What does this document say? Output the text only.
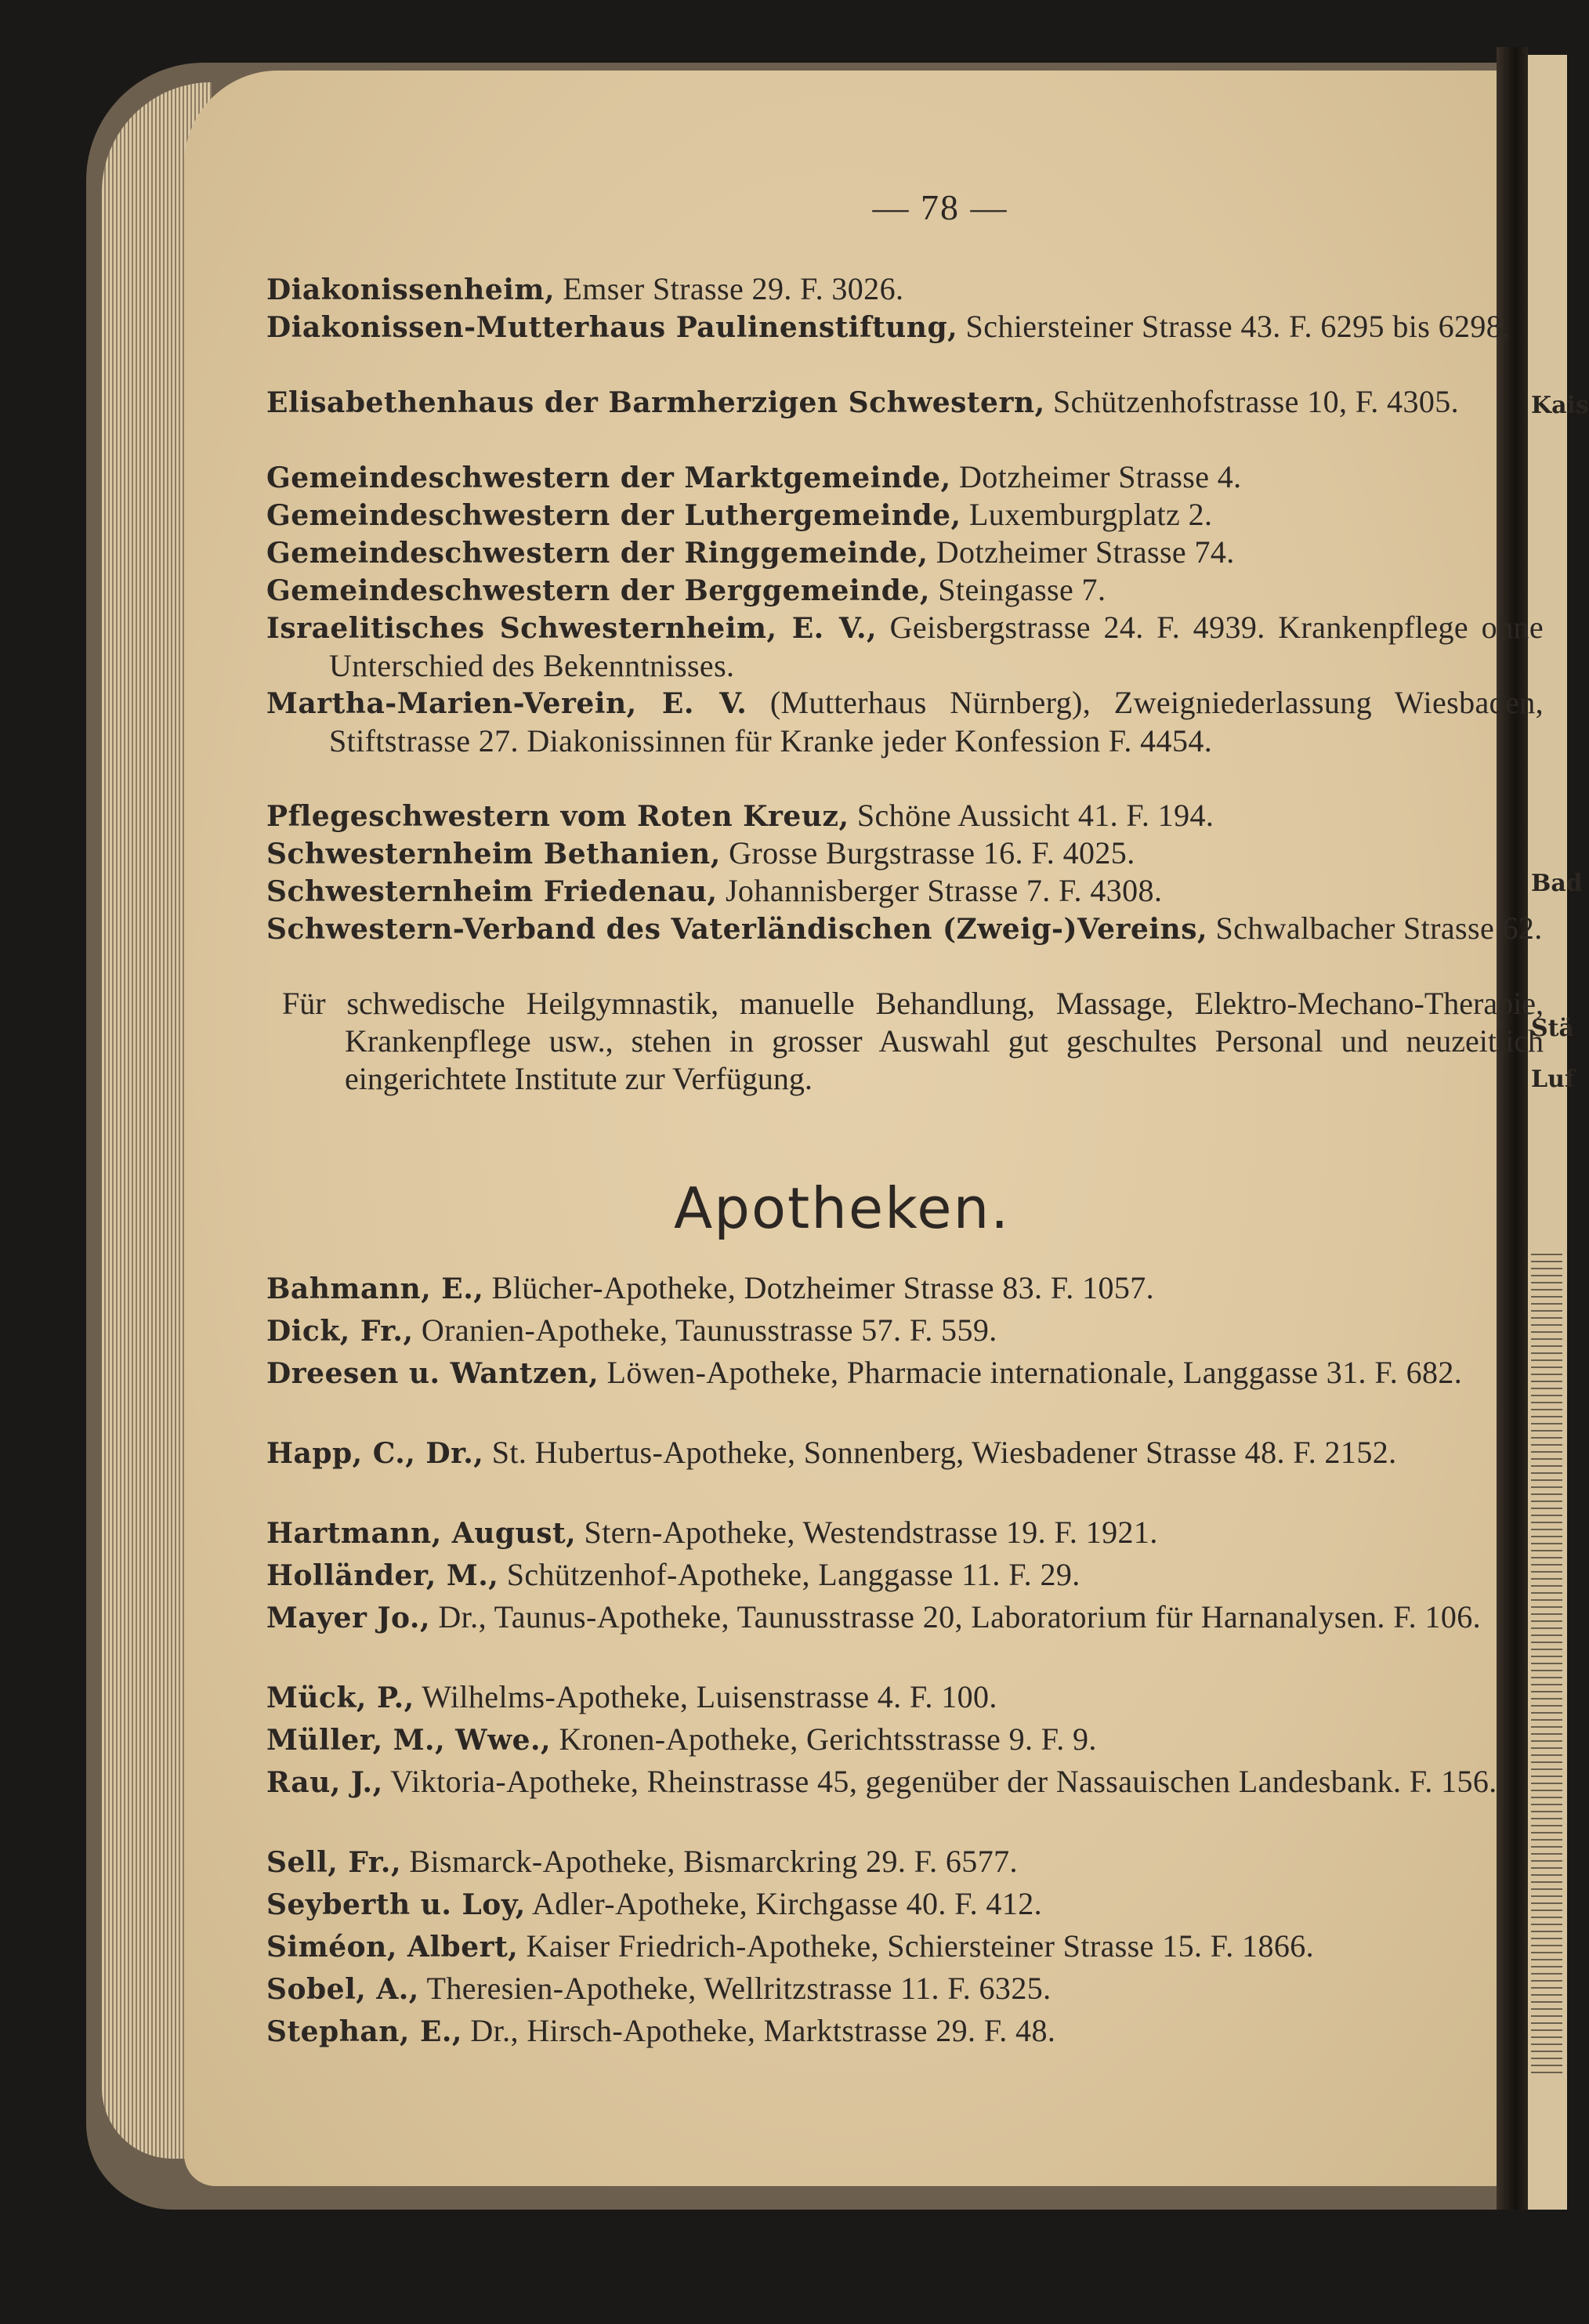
Kais
Bad
Stä
Luf
— 78 —
Diakonissenheim, Emser Strasse 29. F. 3026.
Diakonissen-Mutterhaus Paulinenstiftung, Schiersteiner Strasse 43. F. 6295 bis 6298.
Elisabethenhaus der Barmherzigen Schwestern, Schützenhofstrasse 10, F. 4305.
Gemeindeschwestern der Marktgemeinde, Dotzheimer Strasse 4.
Gemeindeschwestern der Luthergemeinde, Luxemburgplatz 2.
Gemeindeschwestern der Ringgemeinde, Dotzheimer Strasse 74.
Gemeindeschwestern der Berggemeinde, Steingasse 7.
Israelitisches Schwesternheim, E. V., Geisbergstrasse 24. F. 4939. Krankenpflege ohne Unterschied des Bekenntnisses.
Martha-Marien-Verein, E. V. (Mutterhaus Nürnberg), Zweigniederlassung Wiesbaden, Stiftstrasse 27. Diakonissinnen für Kranke jeder Konfession F. 4454.
Pflegeschwestern vom Roten Kreuz, Schöne Aussicht 41. F. 194.
Schwesternheim Bethanien, Grosse Burgstrasse 16. F. 4025.
Schwesternheim Friedenau, Johannisberger Strasse 7. F. 4308.
Schwestern-Verband des Vaterländischen (Zweig-)Vereins, Schwalbacher Strasse 62.
Für schwedische Heilgymnastik, manuelle Behandlung, Massage, Elektro-Mechano-Therapie, Krankenpflege usw., stehen in grosser Auswahl gut geschultes Personal und neuzeitlich eingerichtete Institute zur Verfügung.
Apotheken.
Bahmann, E., Blücher-Apotheke, Dotzheimer Strasse 83. F. 1057.
Dick, Fr., Oranien-Apotheke, Taunusstrasse 57. F. 559.
Dreesen u. Wantzen, Löwen-Apotheke, Pharmacie internationale, Langgasse 31. F. 682.
Happ, C., Dr., St. Hubertus-Apotheke, Sonnenberg, Wiesbadener Strasse 48. F. 2152.
Hartmann, August, Stern-Apotheke, Westendstrasse 19. F. 1921.
Holländer, M., Schützenhof-Apotheke, Langgasse 11. F. 29.
Mayer Jo., Dr., Taunus-Apotheke, Taunusstrasse 20, Laboratorium für Harnanalysen. F. 106.
Mück, P., Wilhelms-Apotheke, Luisenstrasse 4. F. 100.
Müller, M., Wwe., Kronen-Apotheke, Gerichtsstrasse 9. F. 9.
Rau, J., Viktoria-Apotheke, Rheinstrasse 45, gegenüber der Nassauischen Landesbank. F. 156.
Sell, Fr., Bismarck-Apotheke, Bismarckring 29. F. 6577.
Seyberth u. Loy, Adler-Apotheke, Kirchgasse 40. F. 412.
Siméon, Albert, Kaiser Friedrich-Apotheke, Schiersteiner Strasse 15. F. 1866.
Sobel, A., Theresien-Apotheke, Wellritzstrasse 11. F. 6325.
Stephan, E., Dr., Hirsch-Apotheke, Marktstrasse 29. F. 48.
